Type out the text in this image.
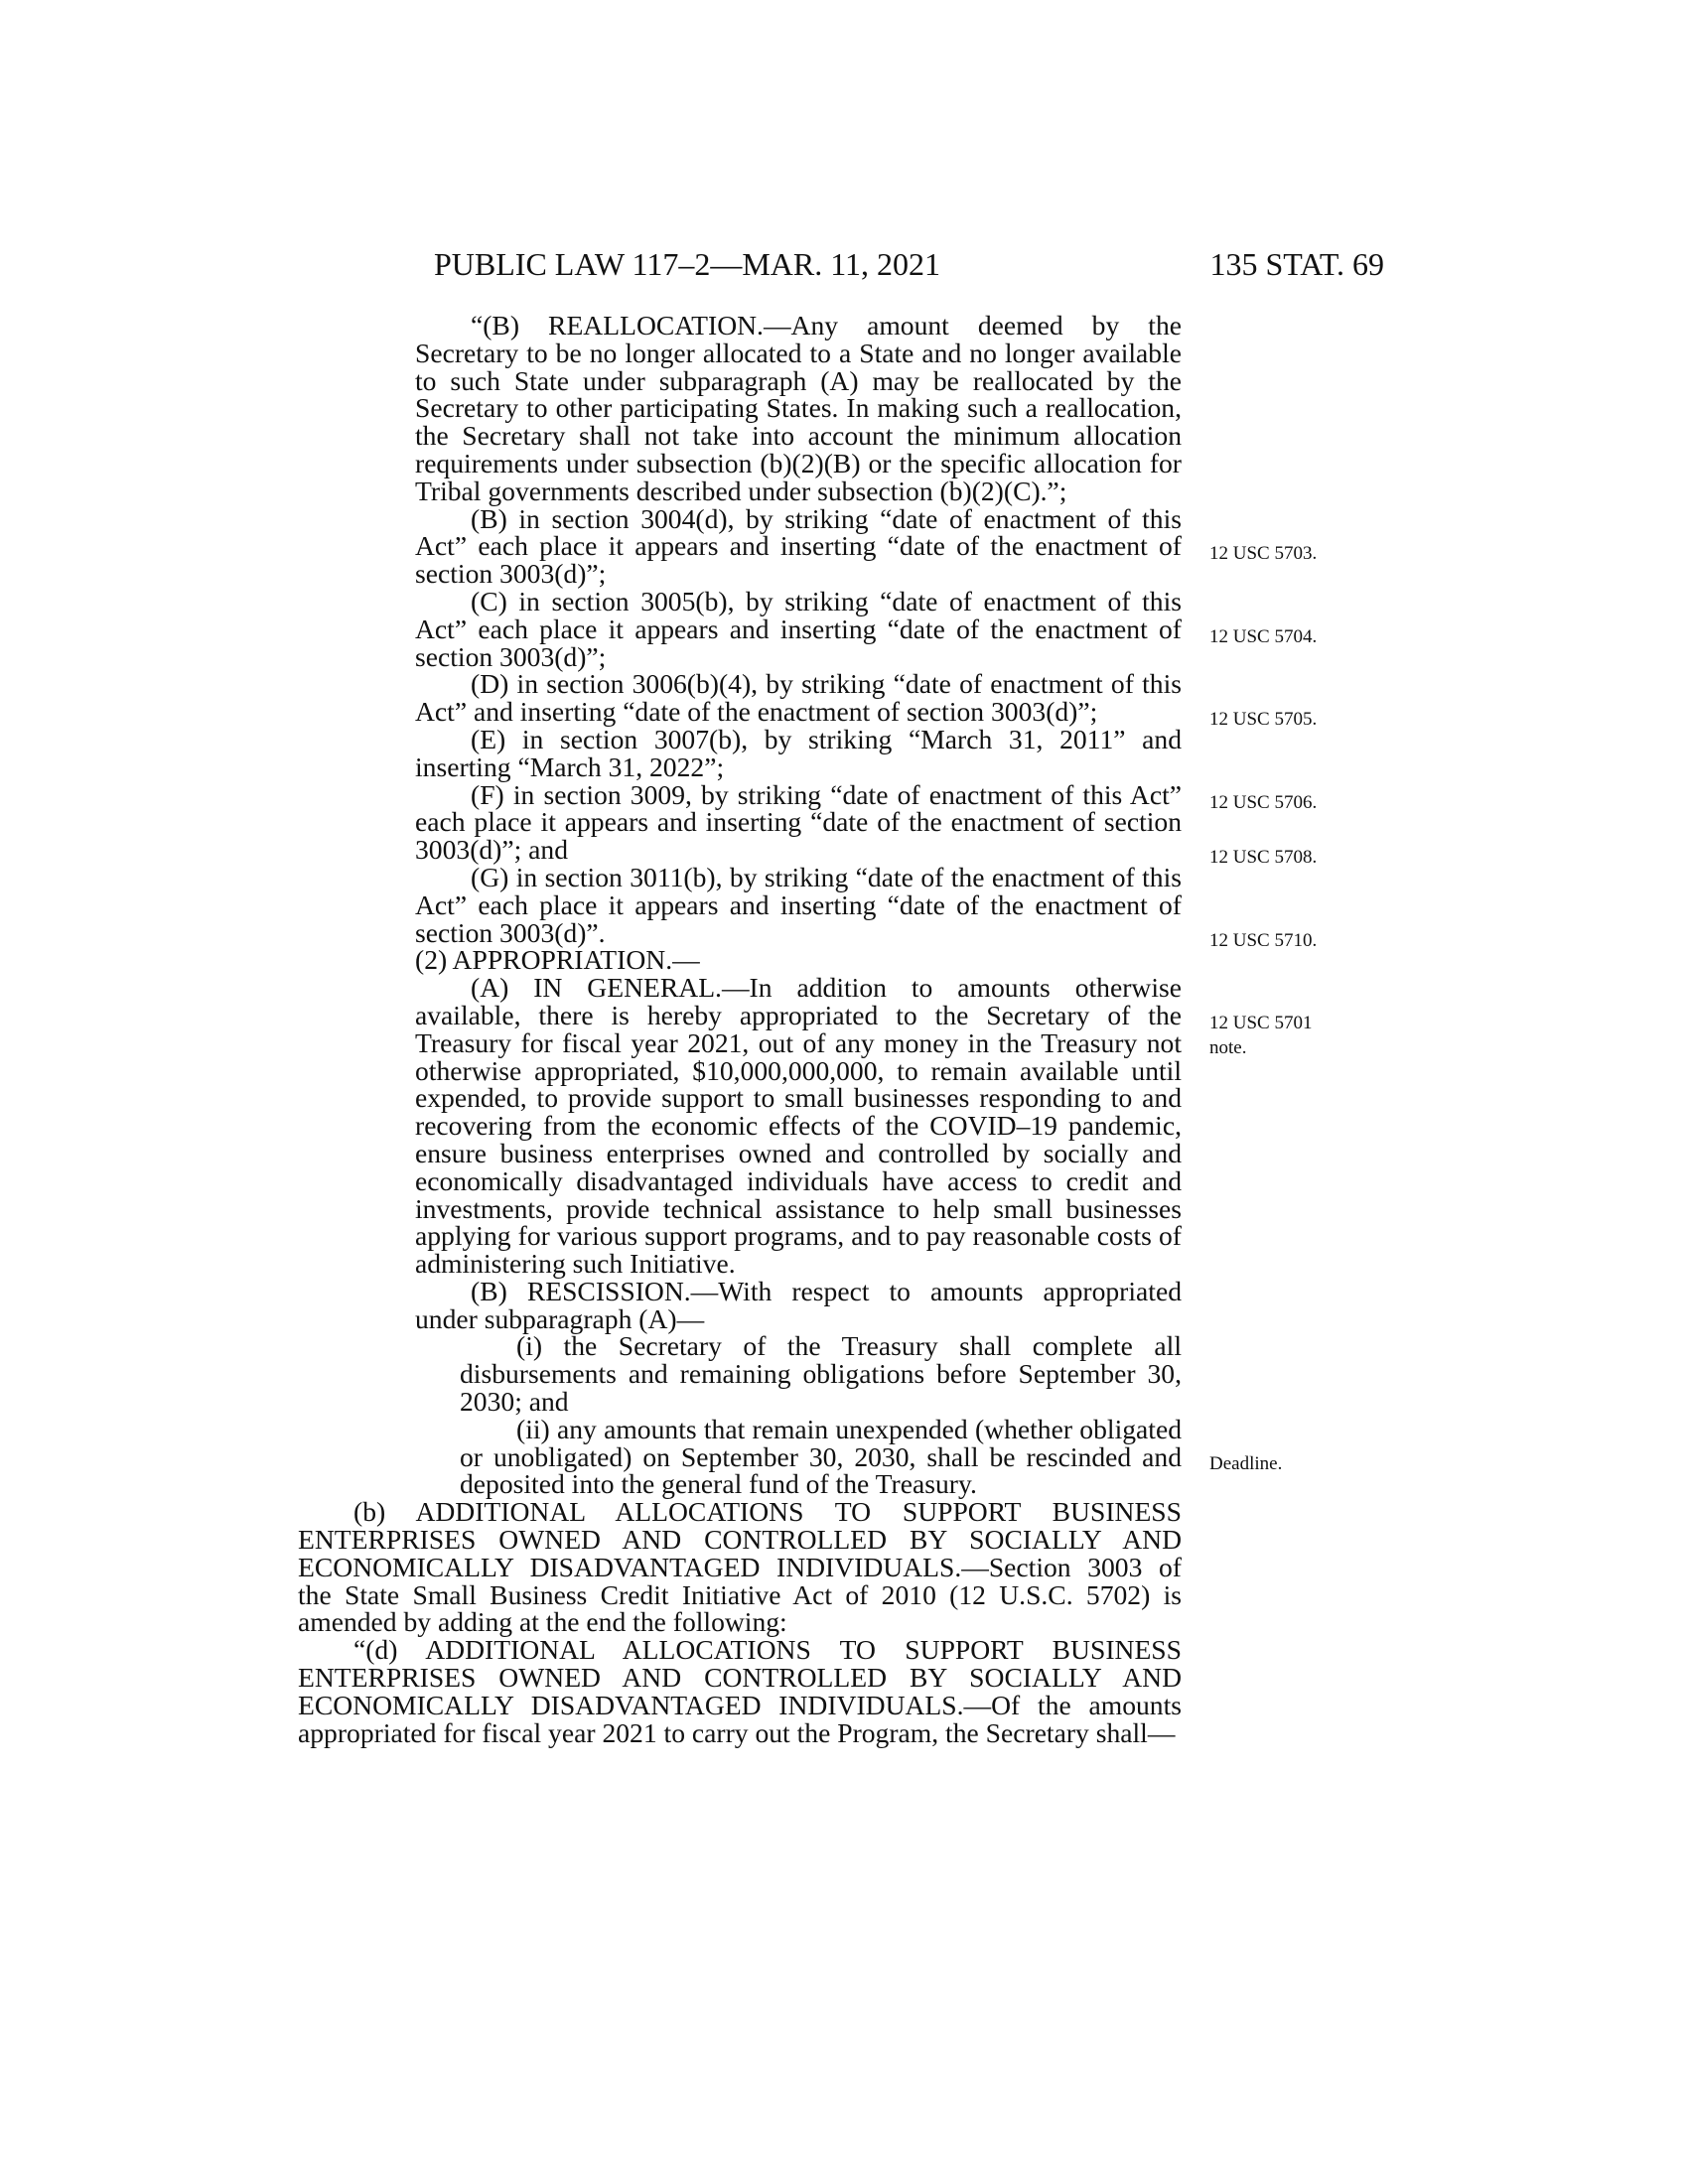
PUBLIC LAW 117–2—MAR. 11, 2021	135 STAT. 69

“(B) REALLOCATION.—Any amount deemed by the Secretary to be no longer allocated to a State and no longer available to such State under subparagraph (A) may be reallocated by the Secretary to other participating States. In making such a reallocation, the Secretary shall not take into account the minimum allocation requirements under subsection (b)(2)(B) or the specific allocation for Tribal governments described under subsection (b)(2)(C).”;

(B) in section 3004(d), by striking “date of enactment of this Act” each place it appears and inserting “date of the enactment of section 3003(d)”;

(C) in section 3005(b), by striking “date of enactment of this Act” each place it appears and inserting “date of the enactment of section 3003(d)”;

(D) in section 3006(b)(4), by striking “date of enactment of this Act” and inserting “date of the enactment of section 3003(d)”;

(E) in section 3007(b), by striking “March 31, 2011” and inserting “March 31, 2022”;

(F) in section 3009, by striking “date of enactment of this Act” each place it appears and inserting “date of the enactment of section 3003(d)”; and

(G) in section 3011(b), by striking “date of the enactment of this Act” each place it appears and inserting “date of the enactment of section 3003(d)”.

(2) APPROPRIATION.—

(A) IN GENERAL.—In addition to amounts otherwise available, there is hereby appropriated to the Secretary of the Treasury for fiscal year 2021, out of any money in the Treasury not otherwise appropriated, $10,000,000,000, to remain available until expended, to provide support to small businesses responding to and recovering from the economic effects of the COVID–19 pandemic, ensure business enterprises owned and controlled by socially and economically disadvantaged individuals have access to credit and investments, provide technical assistance to help small businesses applying for various support programs, and to pay reasonable costs of administering such Initiative.

(B) RESCISSION.—With respect to amounts appropriated under subparagraph (A)—

(i) the Secretary of the Treasury shall complete all disbursements and remaining obligations before September 30, 2030; and

(ii) any amounts that remain unexpended (whether obligated or unobligated) on September 30, 2030, shall be rescinded and deposited into the general fund of the Treasury.

(b) ADDITIONAL ALLOCATIONS TO SUPPORT BUSINESS ENTERPRISES OWNED AND CONTROLLED BY SOCIALLY AND ECONOMICALLY DISADVANTAGED INDIVIDUALS.—Section 3003 of the State Small Business Credit Initiative Act of 2010 (12 U.S.C. 5702) is amended by adding at the end the following:

“(d) ADDITIONAL ALLOCATIONS TO SUPPORT BUSINESS ENTERPRISES OWNED AND CONTROLLED BY SOCIALLY AND ECONOMICALLY DISADVANTAGED INDIVIDUALS.—Of the amounts appropriated for fiscal year 2021 to carry out the Program, the Secretary shall—

12 USC 5703.
12 USC 5704.
12 USC 5705.
12 USC 5706.
12 USC 5708.
12 USC 5710.
12 USC 5701
note.
Deadline.
